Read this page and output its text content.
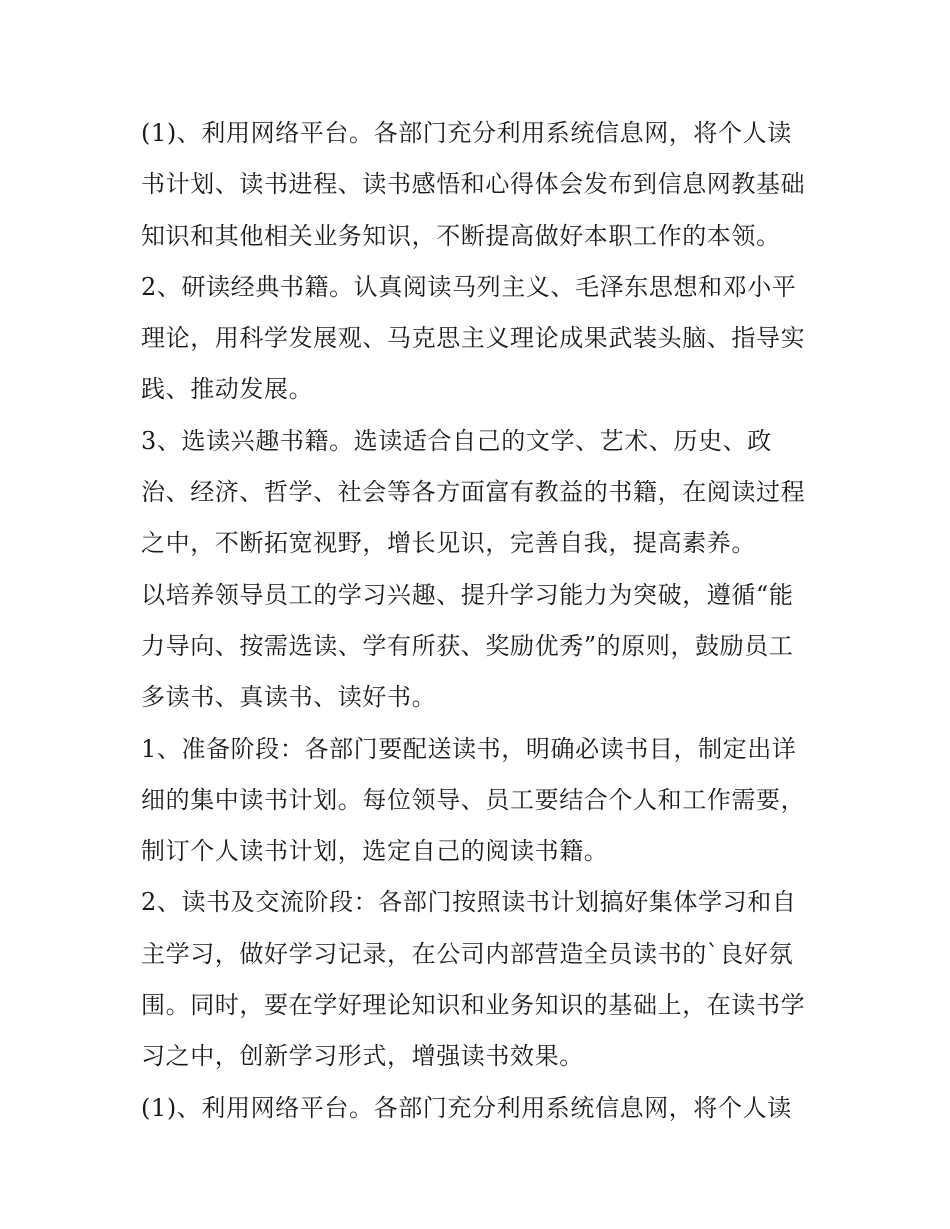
(1)、利用网络平台。各部门充分利用系统信息网，将个人读
书计划、读书进程、读书感悟和心得体会发布到信息网教基础
知识和其他相关业务知识，不断提高做好本职工作的本领。
2、研读经典书籍。认真阅读马列主义、毛泽东思想和邓小平
理论，用科学发展观、马克思主义理论成果武装头脑、指导实
践、推动发展。
3、选读兴趣书籍。选读适合自己的文学、艺术、历史、政
治、经济、哲学、社会等各方面富有教益的书籍，在阅读过程
之中，不断拓宽视野，增长见识，完善自我，提高素养。
以培养领导员工的学习兴趣、提升学习能力为突破，遵循“能
力导向、按需选读、学有所获、奖励优秀”的原则，鼓励员工
多读书、真读书、读好书。
1、准备阶段：各部门要配送读书，明确必读书目，制定出详
细的集中读书计划。每位领导、员工要结合个人和工作需要，
制订个人读书计划，选定自己的阅读书籍。
2、读书及交流阶段：各部门按照读书计划搞好集体学习和自
主学习，做好学习记录，在公司内部营造全员读书的`良好氛
围。同时，要在学好理论知识和业务知识的基础上，在读书学
习之中，创新学习形式，增强读书效果。
(1)、利用网络平台。各部门充分利用系统信息网，将个人读
